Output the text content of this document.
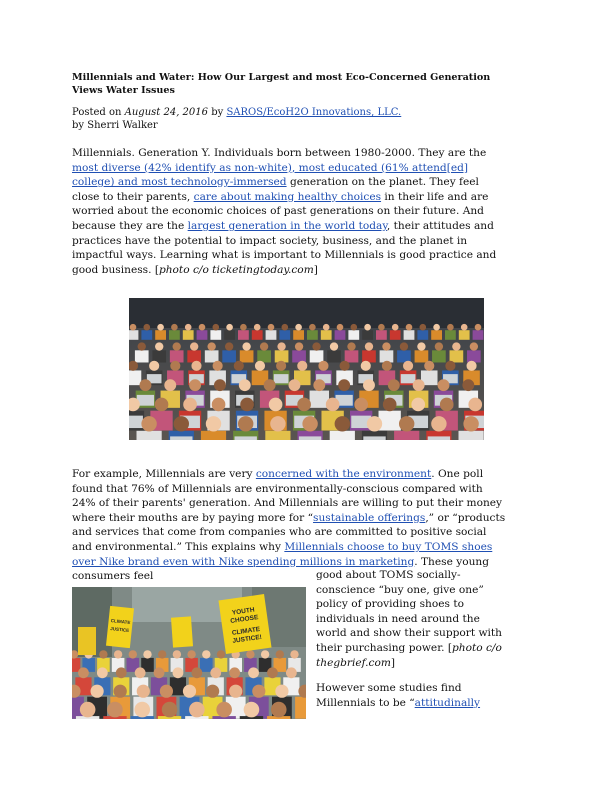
Millennials and Water: How Our Largest and most Eco-Concerned Generation Views Water Issues
Posted on August 24, 2016 by SAROS/EcoH2O Innovations, LLC.
by Sherri Walker
Millennials. Generation Y. Individuals born between 1980-2000. They are the most diverse (42% identify as non-white), most educated (61% attend[ed] college) and most technology-immersed generation on the planet. They feel close to their parents, care about making healthy choices in their life and are worried about the economic choices of past generations on their future. And because they are the largest generation in the world today, their attitudes and practices have the potential to impact society, business, and the planet in impactful ways. Learning what is important to Millennials is good practice and good business. [photo c/o ticketingtoday.com]
For example, Millennials are very concerned with the environment. One poll found that 76% of Millennials are environmentally-conscious compared with 24% of their parents' generation. And Millennials are willing to put their money where their mouths are by paying more for “sustainable offerings,” or “products and services that come from companies who are committed to positive social and environmental.” This explains why Millennials choose to buy TOMS shoes over Nike brand even with Nike spending millions in marketing. These young consumers feel
YOUTH
CHOOSE
CLIMATE
JUSTICE!
CLIMATE
JUSTICE
good about TOMS socially-conscience “buy one, give one” policy of providing shoes to individuals in need around the world and show their support with their purchasing power. [photo c/o thegbrief.com]
However some studies find Millennials to be “attitudinally
